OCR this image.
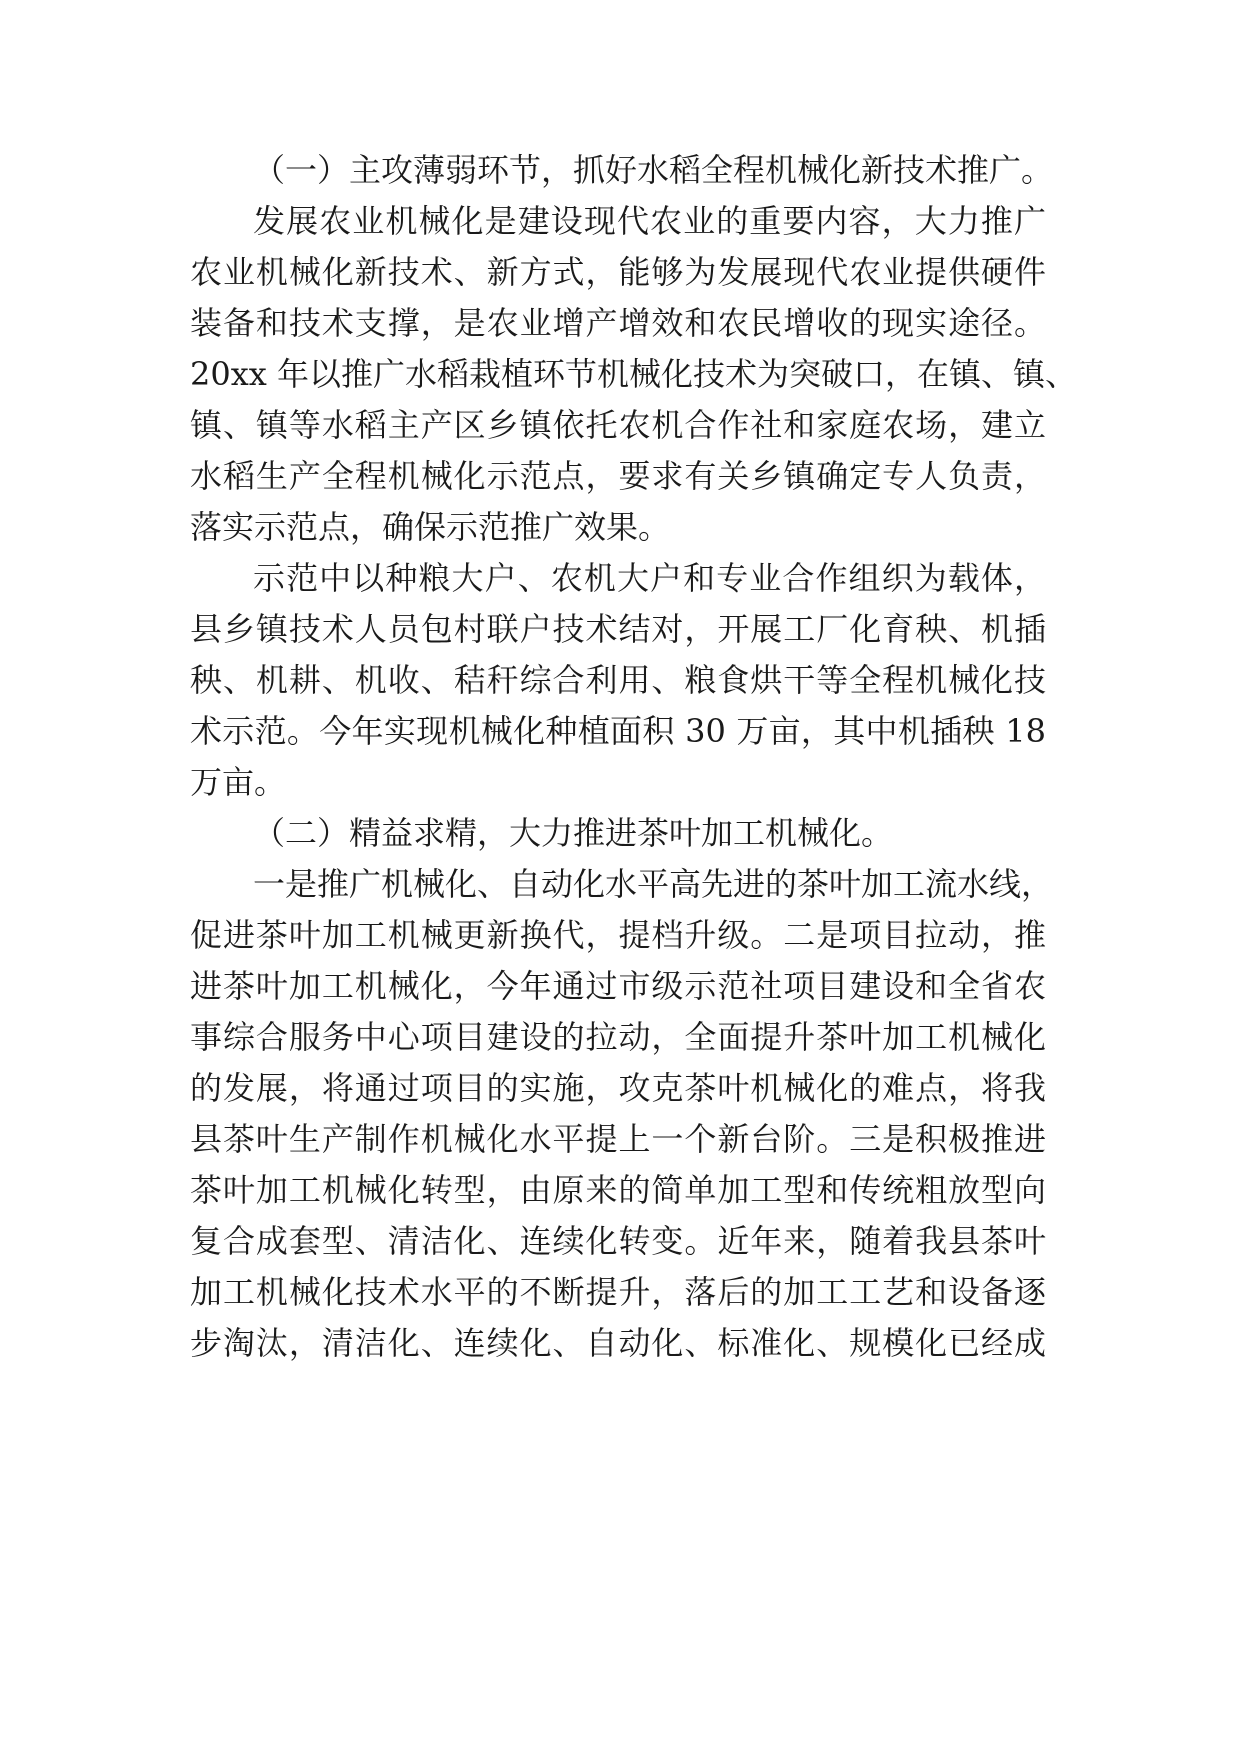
（一）主攻薄弱环节，抓好水稻全程机械化新技术推广。
发展农业机械化是建设现代农业的重要内容，大力推广
农业机械化新技术、新方式，能够为发展现代农业提供硬件
装备和技术支撑，是农业增产增效和农民增收的现实途径。
20xx 年以推广水稻栽植环节机械化技术为突破口，在镇、镇、
镇、镇等水稻主产区乡镇依托农机合作社和家庭农场，建立
水稻生产全程机械化示范点，要求有关乡镇确定专人负责，
落实示范点，确保示范推广效果。
示范中以种粮大户、农机大户和专业合作组织为载体，
县乡镇技术人员包村联户技术结对，开展工厂化育秧、机插
秧、机耕、机收、秸秆综合利用、粮食烘干等全程机械化技
术示范。今年实现机械化种植面积 30 万亩，其中机插秧 18
万亩。
（二）精益求精，大力推进茶叶加工机械化。
一是推广机械化、自动化水平高先进的茶叶加工流水线，
促进茶叶加工机械更新换代，提档升级。二是项目拉动，推
进茶叶加工机械化，今年通过市级示范社项目建设和全省农
事综合服务中心项目建设的拉动，全面提升茶叶加工机械化
的发展，将通过项目的实施，攻克茶叶机械化的难点，将我
县茶叶生产制作机械化水平提上一个新台阶。三是积极推进
茶叶加工机械化转型，由原来的简单加工型和传统粗放型向
复合成套型、清洁化、连续化转变。近年来，随着我县茶叶
加工机械化技术水平的不断提升，落后的加工工艺和设备逐
步淘汰，清洁化、连续化、自动化、标准化、规模化已经成
